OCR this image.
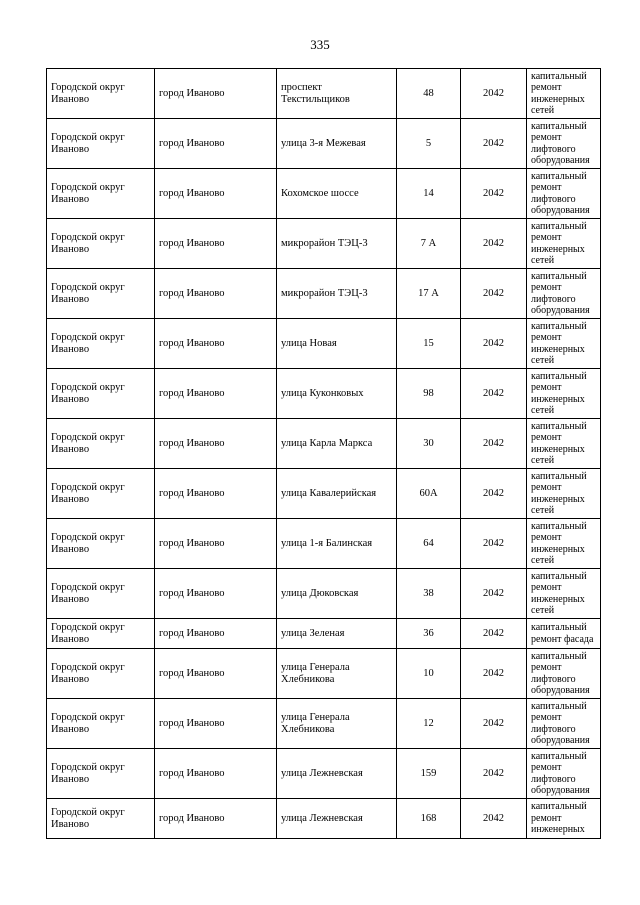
335
Городской округ Иваново	город Иваново	проспект Текстильщиков	48	2042	капитальный ремонт инженерных сетей
Городской округ Иваново	город Иваново	улица 3-я Межевая	5	2042	капитальный ремонт лифтового оборудования
Городской округ Иваново	город Иваново	Кохомское шоссе	14	2042	капитальный ремонт лифтового оборудования
Городской округ Иваново	город Иваново	микрорайон ТЭЦ-3	7 А	2042	капитальный ремонт инженерных сетей
Городской округ Иваново	город Иваново	микрорайон ТЭЦ-3	17 А	2042	капитальный ремонт лифтового оборудования
Городской округ Иваново	город Иваново	улица Новая	15	2042	капитальный ремонт инженерных сетей
Городской округ Иваново	город Иваново	улица Куконковых	98	2042	капитальный ремонт инженерных сетей
Городской округ Иваново	город Иваново	улица Карла Маркса	30	2042	капитальный ремонт инженерных сетей
Городской округ Иваново	город Иваново	улица Кавалерийская	60А	2042	капитальный ремонт инженерных сетей
Городской округ Иваново	город Иваново	улица 1-я Балинская	64	2042	капитальный ремонт инженерных сетей
Городской округ Иваново	город Иваново	улица Дюковская	38	2042	капитальный ремонт инженерных сетей
Городской округ Иваново	город Иваново	улица Зеленая	36	2042	капитальный ремонт фасада
Городской округ Иваново	город Иваново	улица Генерала Хлебникова	10	2042	капитальный ремонт лифтового оборудования
Городской округ Иваново	город Иваново	улица Генерала Хлебникова	12	2042	капитальный ремонт лифтового оборудования
Городской округ Иваново	город Иваново	улица Лежневская	159	2042	капитальный ремонт лифтового оборудования
Городской округ Иваново	город Иваново	улица Лежневская	168	2042	капитальный ремонт инженерных
